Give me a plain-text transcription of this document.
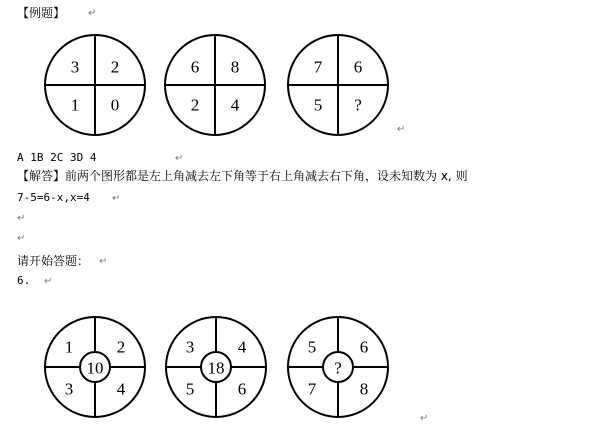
【例题】 ↵
A 1B 2C 3D 4	↵
【解答】前两个图形都是左上角减去左下角等于右上角减去右下角，设未知数为 x, 则
7-5=6-x,x=4 ↵
↵
↵
请开始答题： ↵
6. ↵
↵
↵
3 2
1 0
6 8
2 4
7 6
5 ?
1	2
3	4
10
3	4
5	6
18
5	6
7	8
?
